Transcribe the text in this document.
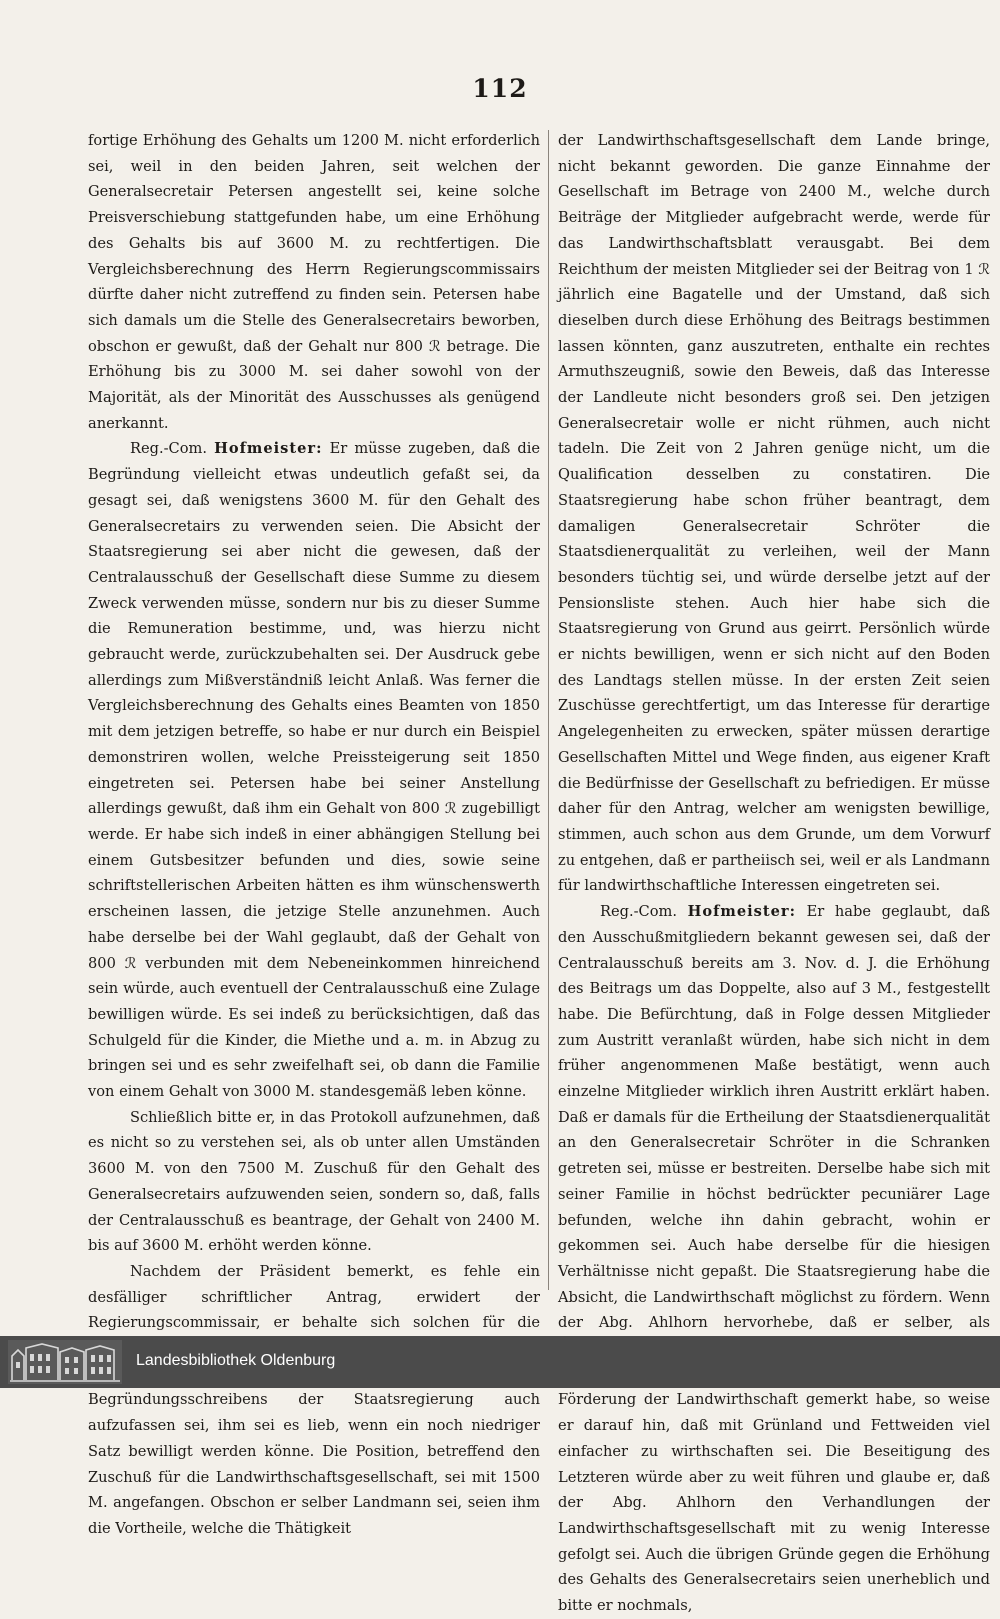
112

fortige Erhöhung des Gehalts um 1200 M. nicht erforderlich sei, weil in den beiden Jahren, seit welchen der Generalsecretair Petersen angestellt sei, keine solche Preisverschiebung stattgefunden habe, um eine Erhöhung des Gehalts bis auf 3600 M. zu rechtfertigen. Die Vergleichsberechnung des Herrn Regierungscommissairs dürfte daher nicht zutreffend zu finden sein. Petersen habe sich damals um die Stelle des Generalsecretairs beworben, obschon er gewußt, daß der Gehalt nur 800 ℛ betrage. Die Erhöhung bis zu 3000 M. sei daher sowohl von der Majorität, als der Minorität des Ausschusses als genügend anerkannt.

Reg.-Com. Hofmeister: Er müsse zugeben, daß die Begründung vielleicht etwas undeutlich gefaßt sei, da gesagt sei, daß wenigstens 3600 M. für den Gehalt des Generalsecretairs zu verwenden seien. Die Absicht der Staatsregierung sei aber nicht die gewesen, daß der Centralausschuß der Gesellschaft diese Summe zu diesem Zweck verwenden müsse, sondern nur bis zu dieser Summe die Remuneration bestimme, und, was hierzu nicht gebraucht werde, zurückzubehalten sei. Der Ausdruck gebe allerdings zum Mißverständniß leicht Anlaß. Was ferner die Vergleichsberechnung des Gehalts eines Beamten von 1850 mit dem jetzigen betreffe, so habe er nur durch ein Beispiel demonstriren wollen, welche Preissteigerung seit 1850 eingetreten sei. Petersen habe bei seiner Anstellung allerdings gewußt, daß ihm ein Gehalt von 800 ℛ zugebilligt werde. Er habe sich indeß in einer abhängigen Stellung bei einem Gutsbesitzer befunden und dies, sowie seine schriftstellerischen Arbeiten hätten es ihm wünschenswerth erscheinen lassen, die jetzige Stelle anzunehmen. Auch habe derselbe bei der Wahl geglaubt, daß der Gehalt von 800 ℛ verbunden mit dem Nebeneinkommen hinreichend sein würde, auch eventuell der Centralausschuß eine Zulage bewilligen würde. Es sei indeß zu berücksichtigen, daß das Schulgeld für die Kinder, die Miethe und a. m. in Abzug zu bringen sei und es sehr zweifelhaft sei, ob dann die Familie von einem Gehalt von 3000 M. standesgemäß leben könne.

Schließlich bitte er, in das Protokoll aufzunehmen, daß es nicht so zu verstehen sei, als ob unter allen Umständen 3600 M. von den 7500 M. Zuschuß für den Gehalt des Generalsecretairs aufzuwenden seien, sondern so, daß, falls der Centralausschuß es beantrage, der Gehalt von 2400 M. bis auf 3600 M. erhöht werden könne.

Nachdem der Präsident bemerkt, es fehle ein desfälliger schriftlicher Antrag, erwidert der Regierungscommissair, er behalte sich solchen für die

Begründungsschreibens der Staatsregierung auch aufzufassen sei, ihm sei es lieb, wenn ein noch niedriger Satz bewilligt werden könne. Die Position, betreffend den Zuschuß für die Landwirthschaftsgesellschaft, sei mit 1500 M. angefangen. Obschon er selber Landmann sei, seien ihm die Vortheile, welche die Thätigkeit

der Landwirthschaftsgesellschaft dem Lande bringe, nicht bekannt geworden. Die ganze Einnahme der Gesellschaft im Betrage von 2400 M., welche durch Beiträge der Mitglieder aufgebracht werde, werde für das Landwirthschaftsblatt verausgabt. Bei dem Reichthum der meisten Mitglieder sei der Beitrag von 1 ℛ jährlich eine Bagatelle und der Umstand, daß sich dieselben durch diese Erhöhung des Beitrags bestimmen lassen könnten, ganz auszutreten, enthalte ein rechtes Armuthszeugniß, sowie den Beweis, daß das Interesse der Landleute nicht besonders groß sei. Den jetzigen Generalsecretair wolle er nicht rühmen, auch nicht tadeln. Die Zeit von 2 Jahren genüge nicht, um die Qualification desselben zu constatiren. Die Staatsregierung habe schon früher beantragt, dem damaligen Generalsecretair Schröter die Staatsdienerqualität zu verleihen, weil der Mann besonders tüchtig sei, und würde derselbe jetzt auf der Pensionsliste stehen. Auch hier habe sich die Staatsregierung von Grund aus geirrt. Persönlich würde er nichts bewilligen, wenn er sich nicht auf den Boden des Landtags stellen müsse. In der ersten Zeit seien Zuschüsse gerechtfertigt, um das Interesse für derartige Angelegenheiten zu erwecken, später müssen derartige Gesellschaften Mittel und Wege finden, aus eigener Kraft die Bedürfnisse der Gesellschaft zu befriedigen. Er müsse daher für den Antrag, welcher am wenigsten bewillige, stimmen, auch schon aus dem Grunde, um dem Vorwurf zu entgehen, daß er partheiisch sei, weil er als Landmann für landwirthschaftliche Interessen eingetreten sei.

Reg.-Com. Hofmeister: Er habe geglaubt, daß den Ausschußmitgliedern bekannt gewesen sei, daß der Centralausschuß bereits am 3. Nov. d. J. die Erhöhung des Beitrags um das Doppelte, also auf 3 M., festgestellt habe. Die Befürchtung, daß in Folge dessen Mitglieder zum Austritt veranlaßt würden, habe sich nicht in dem früher angenommenen Maße bestätigt, wenn auch einzelne Mitglieder wirklich ihren Austritt erklärt haben. Daß er damals für die Ertheilung der Staatsdienerqualität an den Generalsecretair Schröter in die Schranken getreten sei, müsse er bestreiten. Derselbe habe sich mit seiner Familie in höchst bedrückter pecuniärer Lage befunden, welche ihn dahin gebracht, wohin er gekommen sei. Auch habe derselbe für die hiesigen Verhältnisse nicht gepaßt. Die Staatsregierung habe die Absicht, die Landwirthschaft möglichst zu fördern. Wenn der Abg. Ahlhorn hervorhebe, daß er selber, als Förderung der Landwirthschaft gemerkt habe, so weise er darauf hin, daß mit Grünland und Fettweiden viel einfacher zu wirthschaften sei. Die Beseitigung des Letzteren würde aber zu weit führen und glaube er, daß der Abg. Ahlhorn den Verhandlungen der Landwirthschaftsgesellschaft mit zu wenig Interesse gefolgt sei. Auch die übrigen Gründe gegen die Erhöhung des Gehalts des Generalsecretairs seien unerheblich und bitte er nochmals,

Landesbibliothek Oldenburg
